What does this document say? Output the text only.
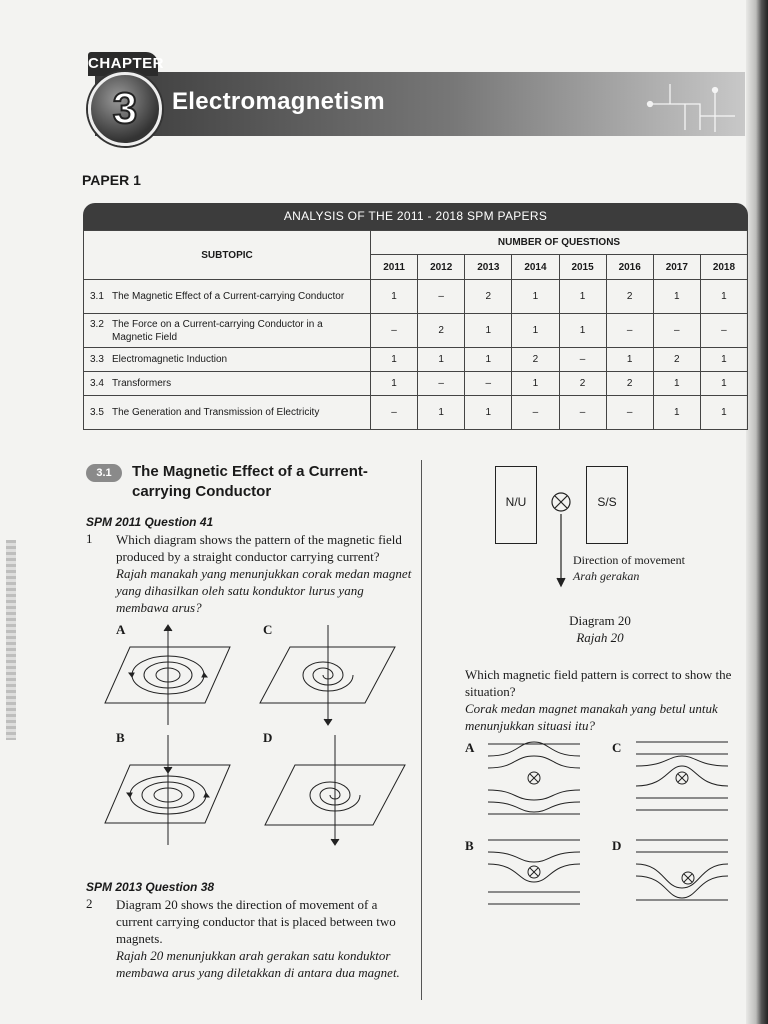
CHAPTER
3	Electromagnetism
PAPER 1
ANALYSIS OF THE 2011 - 2018 SPM PAPERS
SUBTOPIC	NUMBER OF QUESTIONS							
	2011	2012	2013	2014	2015	2016	2017	2018
3.1 The Magnetic Effect of a Current-carrying Conductor	1	–	2	1	1	2	1	1
3.2 The Force on a Current-carrying Conductor in a Magnetic Field	–	2	1	1	1	–	–	–
3.3 Electromagnetic Induction	1	1	1	2	–	1	2	1
3.4 Transformers	1	–	–	1	2	2	1	1
3.5 The Generation and Transmission of Electricity	–	1	1	–	–	–	1	1
3.1	The Magnetic Effect of a Current-carrying Conductor
SPM 2011 Question 41
1 Which diagram shows the pattern of the magnetic field produced by a straight conductor carrying current?
Rajah manakah yang menunjukkan corak medan magnet yang dihasilkan oleh satu konduktor lurus yang membawa arus?
A	C
B	D
SPM 2013 Question 38
2 Diagram 20 shows the direction of movement of a current carrying conductor that is placed between two magnets.
Rajah 20 menunjukkan arah gerakan satu konduktor membawa arus yang diletakkan di antara dua magnet.
N/U	S/S
Direction of movement
Arah gerakan
Diagram 20
Rajah 20
Which magnetic field pattern is correct to show the situation?
Corak medan magnet manakah yang betul untuk menunjukkan situasi itu?
A	C
B	D
